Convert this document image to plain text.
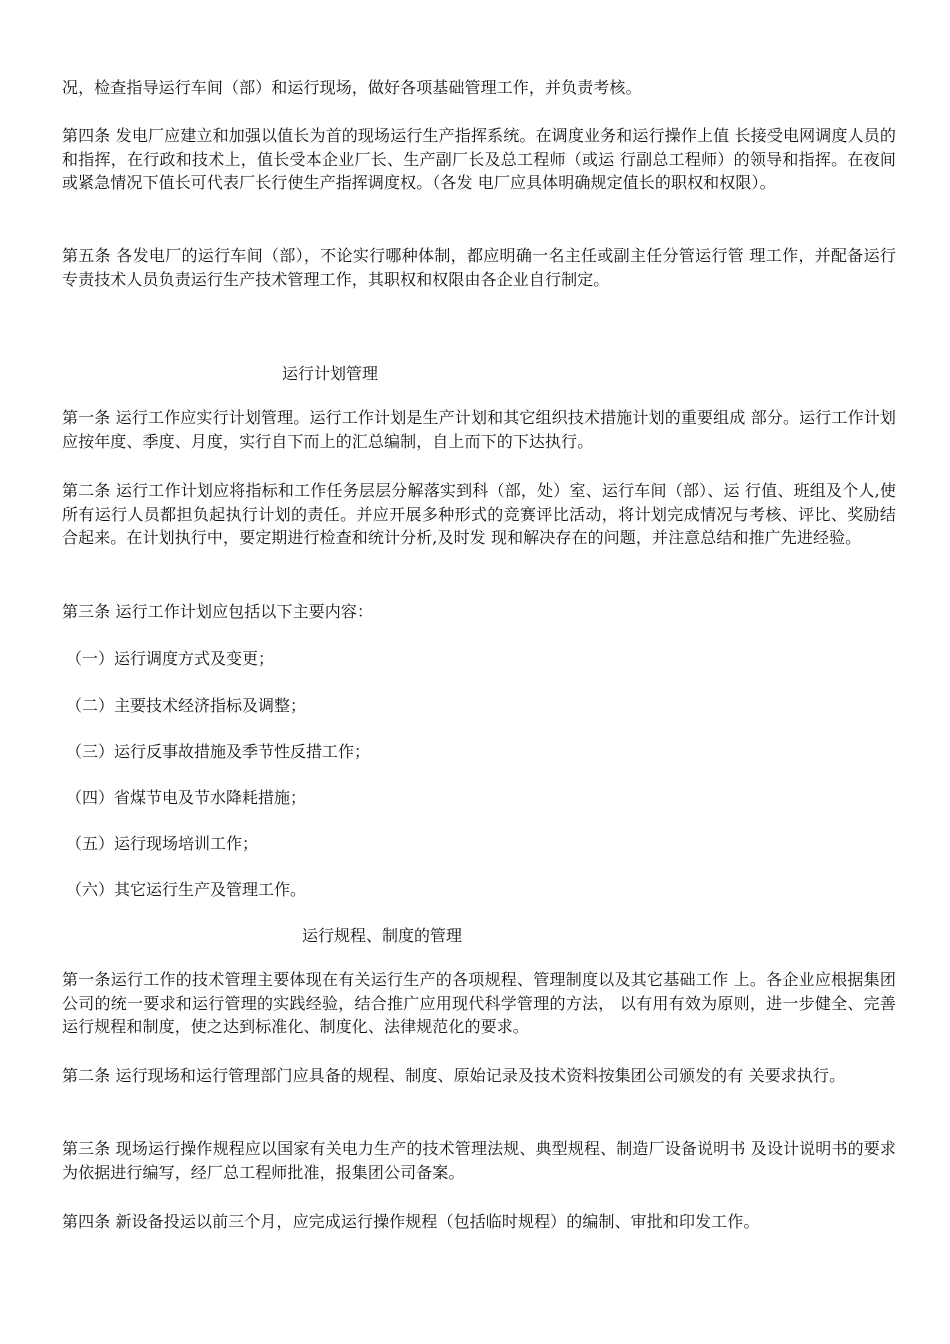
况，检查指导运行车间（部）和运行现场，做好各项基础管理工作，并负责考核。

第四条 发电厂应建立和加强以值长为首的现场运行生产指挥系统。在调度业务和运行操作上值 长接受电网调度人员的和指挥，在行政和技术上，值长受本企业厂长、生产副厂长及总工程师（或运 行副总工程师）的领导和指挥。在夜间或紧急情况下值长可代表厂长行使生产指挥调度权。（各发 电厂应具体明确规定值长的职权和权限）。

第五条 各发电厂的运行车间（部），不论实行哪种体制，都应明确一名主任或副主任分管运行管 理工作，并配备运行专责技术人员负责运行生产技术管理工作，其职权和权限由各企业自行制定。

运行计划管理

第一条 运行工作应实行计划管理。运行工作计划是生产计划和其它组织技术措施计划的重要组成 部分。运行工作计划应按年度、季度、月度，实行自下而上的汇总编制，自上而下的下达执行。

第二条 运行工作计划应将指标和工作任务层层分解落实到科（部，处）室、运行车间（部）、运 行值、班组及个人,使所有运行人员都担负起执行计划的责任。并应开展多种形式的竞赛评比活动，将计划完成情况与考核、评比、奖励结合起来。在计划执行中，要定期进行检查和统计分析,及时发 现和解决存在的问题，并注意总结和推广先进经验。

第三条 运行工作计划应包括以下主要内容：

（一）运行调度方式及变更；

（二）主要技术经济指标及调整；

（三）运行反事故措施及季节性反措工作；

（四）省煤节电及节水降耗措施；

（五）运行现场培训工作；

（六）其它运行生产及管理工作。

运行规程、制度的管理

第一条运行工作的技术管理主要体现在有关运行生产的各项规程、管理制度以及其它基础工作 上。各企业应根据集团公司的统一要求和运行管理的实践经验，结合推广应用现代科学管理的方法， 以有用有效为原则，进一步健全、完善运行规程和制度，使之达到标准化、制度化、法律规范化的要求。

第二条 运行现场和运行管理部门应具备的规程、制度、原始记录及技术资料按集团公司颁发的有 关要求执行。

第三条 现场运行操作规程应以国家有关电力生产的技术管理法规、典型规程、制造厂设备说明书 及设计说明书的要求为依据进行编写，经厂总工程师批准，报集团公司备案。

第四条 新设备投运以前三个月，应完成运行操作规程（包括临时规程）的编制、审批和印发工作。
